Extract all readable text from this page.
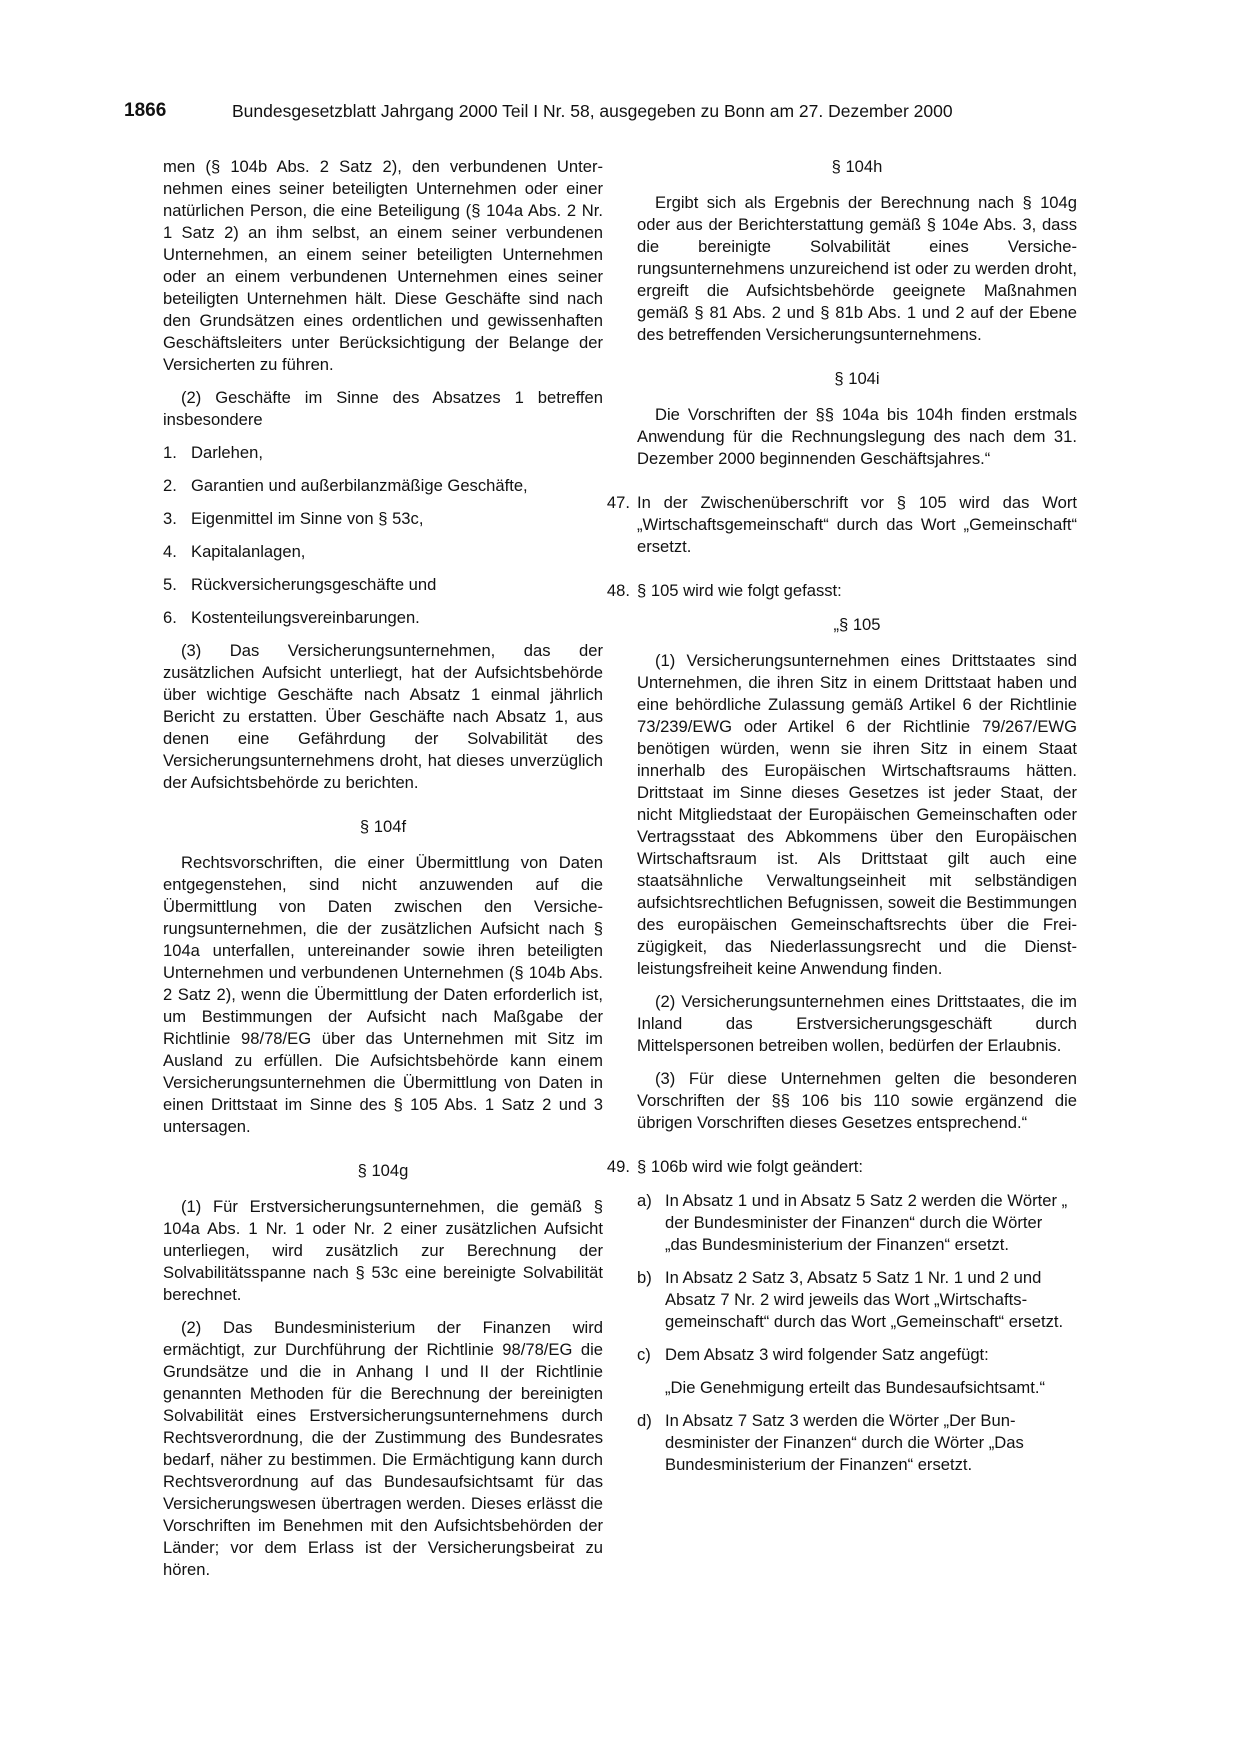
1866	Bundesgesetzblatt Jahrgang 2000 Teil I Nr. 58, ausgegeben zu Bonn am 27. Dezember 2000

men (§ 104b Abs. 2 Satz 2), den verbundenen Unternehmen eines seiner beteiligten Unternehmen oder einer natürlichen Person, die eine Beteiligung (§ 104a Abs. 2 Nr. 1 Satz 2) an ihm selbst, an einem seiner verbundenen Unternehmen, an einem seiner beteiligten Unternehmen oder an einem verbundenen Unternehmen eines seiner beteiligten Unternehmen hält. Diese Geschäfte sind nach den Grundsätzen eines ordentlichen und gewissenhaften Geschäftsleiters unter Berücksichtigung der Belange der Versicherten zu führen.

(2) Geschäfte im Sinne des Absatzes 1 betreffen insbesondere

1. Darlehen,
2. Garantien und außerbilanzmäßige Geschäfte,
3. Eigenmittel im Sinne von § 53c,
4. Kapitalanlagen,
5. Rückversicherungsgeschäfte und
6. Kostenteilungsvereinbarungen.

(3) Das Versicherungsunternehmen, das der zusätzlichen Aufsicht unterliegt, hat der Aufsichtsbehörde über wichtige Geschäfte nach Absatz 1 einmal jährlich Bericht zu erstatten. Über Geschäfte nach Absatz 1, aus denen eine Gefährdung der Solvabilität des Versicherungsunternehmens droht, hat dieses unverzüglich der Aufsichtsbehörde zu berichten.

§ 104f

Rechtsvorschriften, die einer Übermittlung von Daten entgegenstehen, sind nicht anzuwenden auf die Übermittlung von Daten zwischen den Versicherungsunternehmen, die der zusätzlichen Aufsicht nach § 104a unterfallen, untereinander sowie ihren beteiligten Unternehmen und verbundenen Unternehmen (§ 104b Abs. 2 Satz 2), wenn die Übermittlung der Daten erforderlich ist, um Bestimmungen der Aufsicht nach Maßgabe der Richtlinie 98/78/EG über das Unternehmen mit Sitz im Ausland zu erfüllen. Die Aufsichtsbehörde kann einem Versicherungsunternehmen die Übermittlung von Daten in einen Drittstaat im Sinne des § 105 Abs. 1 Satz 2 und 3 untersagen.

§ 104g

(1) Für Erstversicherungsunternehmen, die gemäß § 104a Abs. 1 Nr. 1 oder Nr. 2 einer zusätzlichen Aufsicht unterliegen, wird zusätzlich zur Berechnung der Solvabilitätsspanne nach § 53c eine bereinigte Solvabilität berechnet.

(2) Das Bundesministerium der Finanzen wird ermächtigt, zur Durchführung der Richtlinie 98/78/EG die Grundsätze und die in Anhang I und II der Richtlinie genannten Methoden für die Berechnung der bereinigten Solvabilität eines Erstversicherungsunternehmens durch Rechtsverordnung, die der Zustimmung des Bundesrates bedarf, näher zu bestimmen. Die Ermächtigung kann durch Rechtsverordnung auf das Bundesaufsichtsamt für das Versicherungswesen übertragen werden. Dieses erlässt die Vorschriften im Benehmen mit den Aufsichtsbehörden der Länder; vor dem Erlass ist der Versicherungsbeirat zu hören.

§ 104h

Ergibt sich als Ergebnis der Berechnung nach § 104g oder aus der Berichterstattung gemäß § 104e Abs. 3, dass die bereinigte Solvabilität eines Versicherungsunternehmens unzureichend ist oder zu werden droht, ergreift die Aufsichtsbehörde geeignete Maßnahmen gemäß § 81 Abs. 2 und § 81b Abs. 1 und 2 auf der Ebene des betreffenden Versicherungsunternehmens.

§ 104i

Die Vorschriften der §§ 104a bis 104h finden erstmals Anwendung für die Rechnungslegung des nach dem 31. Dezember 2000 beginnenden Geschäftsjahres.“

47. In der Zwischenüberschrift vor § 105 wird das Wort „Wirtschaftsgemeinschaft“ durch das Wort „Gemeinschaft“ ersetzt.

48. § 105 wird wie folgt gefasst:

„§ 105

(1) Versicherungsunternehmen eines Drittstaates sind Unternehmen, die ihren Sitz in einem Drittstaat haben und eine behördliche Zulassung gemäß Artikel 6 der Richtlinie 73/239/EWG oder Artikel 6 der Richtlinie 79/267/EWG benötigen würden, wenn sie ihren Sitz in einem Staat innerhalb des Europäischen Wirtschaftsraums hätten. Drittstaat im Sinne dieses Gesetzes ist jeder Staat, der nicht Mitgliedstaat der Europäischen Gemeinschaften oder Vertragsstaat des Abkommens über den Europäischen Wirtschaftsraum ist. Als Drittstaat gilt auch eine staatsähnliche Verwaltungseinheit mit selbständigen aufsichtsrechtlichen Befugnissen, soweit die Bestimmungen des europäischen Gemeinschaftsrechts über die Freizügigkeit, das Niederlassungsrecht und die Dienstleistungsfreiheit keine Anwendung finden.

(2) Versicherungsunternehmen eines Drittstaates, die im Inland das Erstversicherungsgeschäft durch Mittelspersonen betreiben wollen, bedürfen der Erlaubnis.

(3) Für diese Unternehmen gelten die besonderen Vorschriften der §§ 106 bis 110 sowie ergänzend die übrigen Vorschriften dieses Gesetzes entsprechend.“

49. § 106b wird wie folgt geändert:

a) In Absatz 1 und in Absatz 5 Satz 2 werden die Wörter „ der Bundesminister der Finanzen“ durch die Wörter „das Bundesministerium der Finanzen“ ersetzt.
b) In Absatz 2 Satz 3, Absatz 5 Satz 1 Nr. 1 und 2 und Absatz 7 Nr. 2 wird jeweils das Wort „Wirtschaftsgemeinschaft“ durch das Wort „Gemeinschaft“ ersetzt.
c) Dem Absatz 3 wird folgender Satz angefügt:

„Die Genehmigung erteilt das Bundesaufsichtsamt.“

d) In Absatz 7 Satz 3 werden die Wörter „Der Bundesminister der Finanzen“ durch die Wörter „Das Bundesministerium der Finanzen“ ersetzt.
